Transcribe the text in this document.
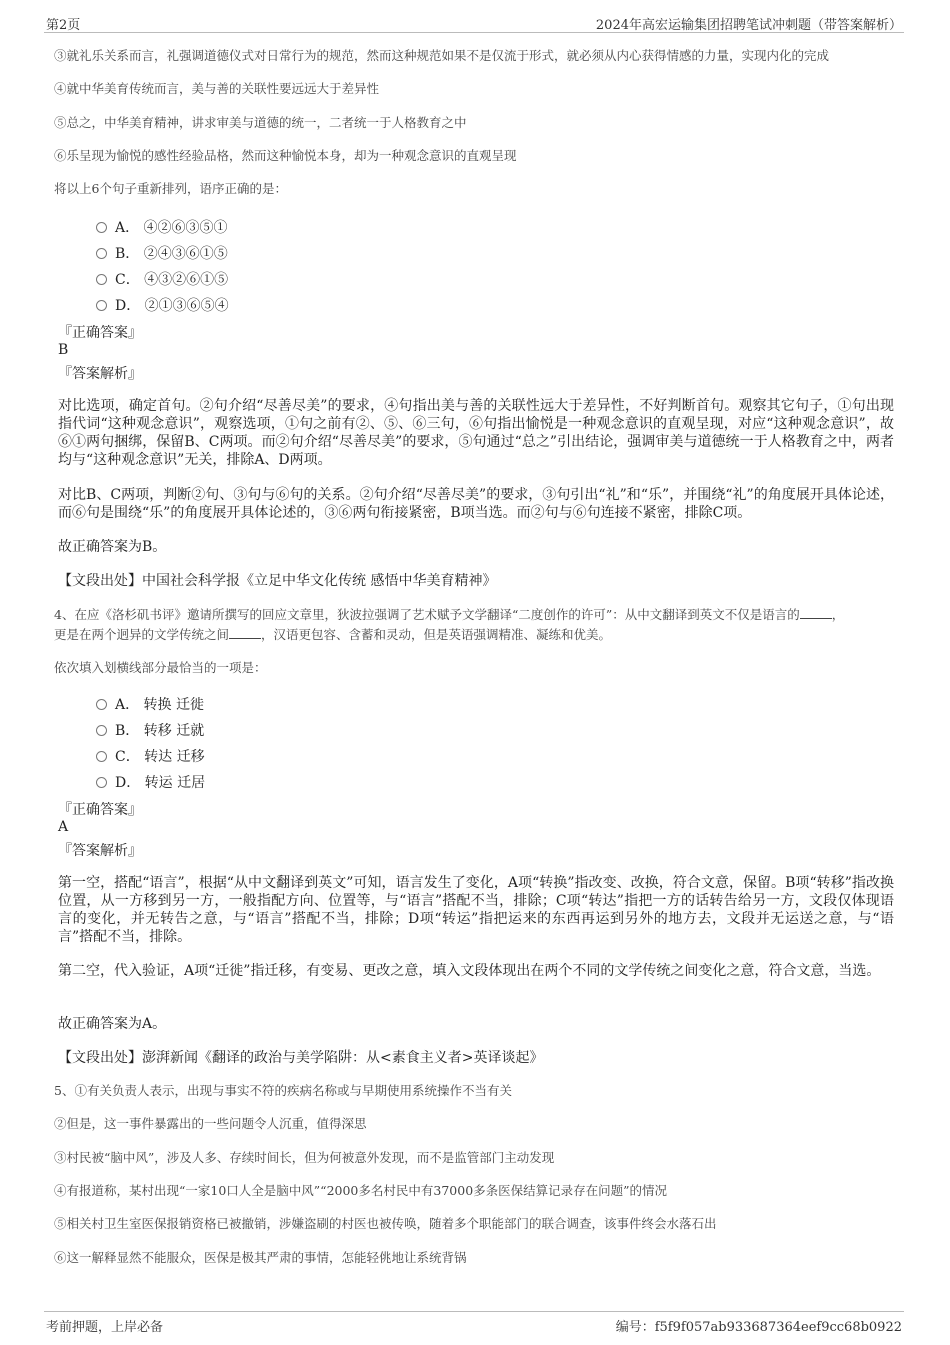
第2页	2024年高宏运输集团招聘笔试冲刺题（带答案解析）
③就礼乐关系而言，礼强调道德仪式对日常行为的规范，然而这种规范如果不是仅流于形式，就必须从内心获得情感的力量，实现内化的完成
④就中华美育传统而言，美与善的关联性要远远大于差异性
⑤总之，中华美育精神，讲求审美与道德的统一，二者统一于人格教育之中
⑥乐呈现为愉悦的感性经验品格，然而这种愉悦本身，却为一种观念意识的直观呈现
将以上6个句子重新排列，语序正确的是：
A． ④②⑥③⑤①
B． ②④③⑥①⑤
C． ④③②⑥①⑤
D． ②①③⑥⑤④
『正确答案』
B
『答案解析』
对比选项，确定首句。②句介绍“尽善尽美”的要求，④句指出美与善的关联性远大于差异性，不好判断首句。观察其它句子，①句出现指代词“这种观念意识”，观察选项，①句之前有②、⑤、⑥三句，⑥句指出愉悦是一种观念意识的直观呈现，对应“这种观念意识”，故⑥①两句捆绑，保留B、C两项。而②句介绍“尽善尽美”的要求，⑤句通过“总之”引出结论，强调审美与道德统一于人格教育之中，两者均与“这种观念意识”无关，排除A、D两项。
对比B、C两项，判断②句、③句与⑥句的关系。②句介绍“尽善尽美”的要求，③句引出“礼”和“乐”，并围绕“礼”的角度展开具体论述，而⑥句是围绕“乐”的角度展开具体论述的，③⑥两句衔接紧密，B项当选。而②句与⑥句连接不紧密，排除C项。
故正确答案为B。
【文段出处】中国社会科学报《立足中华文化传统 感悟中华美育精神》
4、在应《洛杉矶书评》邀请所撰写的回应文章里，狄波拉强调了艺术赋予文学翻译“二度创作的许可”：从中文翻译到英文不仅是语言的	，
更是在两个迥异的文学传统之间	，汉语更包容、含蓄和灵动，但是英语强调精准、凝练和优美。
依次填入划横线部分最恰当的一项是：
A． 转换 迁徙
B． 转移 迁就
C． 转达 迁移
D． 转运 迁居
『正确答案』
A
『答案解析』
第一空，搭配“语言”，根据“从中文翻译到英文”可知，语言发生了变化，A项“转换”指改变、改换，符合文意，保留。B项“转移”指改换位置，从一方移到另一方，一般指配方向、位置等，与“语言”搭配不当，排除；C项“转达”指把一方的话转告给另一方，文段仅体现语言的变化，并无转告之意，与“语言”搭配不当，排除；D项“转运”指把运来的东西再运到另外的地方去，文段并无运送之意，与“语言”搭配不当，排除。
第二空，代入验证，A项“迁徙”指迁移，有变易、更改之意，填入文段体现出在两个不同的文学传统之间变化之意，符合文意，当选。
故正确答案为A。
【文段出处】澎湃新闻《翻译的政治与美学陷阱：从<素食主义者>英译谈起》
5、①有关负责人表示，出现与事实不符的疾病名称或与早期使用系统操作不当有关
②但是，这一事件暴露出的一些问题令人沉重，值得深思
③村民被“脑中风”，涉及人多、存续时间长，但为何被意外发现，而不是监管部门主动发现
④有报道称，某村出现“一家10口人全是脑中风”“2000多名村民中有37000多条医保结算记录存在问题”的情况
⑤相关村卫生室医保报销资格已被撤销，涉嫌盗刷的村医也被传唤，随着多个职能部门的联合调查，该事件终会水落石出
⑥这一解释显然不能服众，医保是极其严肃的事情，怎能轻佻地让系统背锅
考前押题，上岸必备	编号：f5f9f057ab933687364eef9cc68b0922
